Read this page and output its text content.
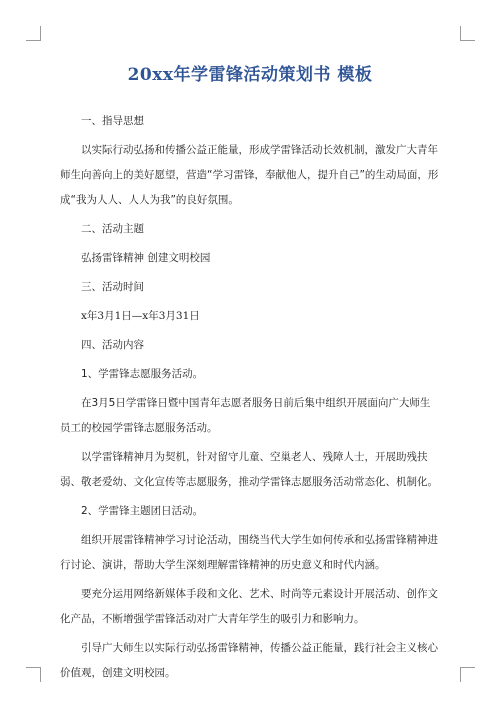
20xx年学雷锋活动策划书 模板

一、指导思想

以实际行动弘扬和传播公益正能量，形成学雷锋活动长效机制，激发广大青年师生向善向上的美好愿望，营造“学习雷锋，奉献他人，提升自己”的生动局面，形成“我为人人、人人为我”的良好氛围。

二、活动主题

弘扬雷锋精神 创建文明校园

三、活动时间

x年3月1日—x年3月31日

四、活动内容

1、学雷锋志愿服务活动。

在3月5日学雷锋日暨中国青年志愿者服务日前后集中组织开展面向广大师生员工的校园学雷锋志愿服务活动。

以学雷锋精神月为契机，针对留守儿童、空巢老人、残障人士，开展助残扶弱、敬老爱幼、文化宣传等志愿服务，推动学雷锋志愿服务活动常态化、机制化。

2、学雷锋主题团日活动。

组织开展雷锋精神学习讨论活动，围绕当代大学生如何传承和弘扬雷锋精神进行讨论、演讲，帮助大学生深刻理解雷锋精神的历史意义和时代内涵。

要充分运用网络新媒体手段和文化、艺术、时尚等元素设计开展活动、创作文化产品，不断增强学雷锋活动对广大青年学生的吸引力和影响力。

引导广大师生以实际行动弘扬雷锋精神，传播公益正能量，践行社会主义核心价值观，创建文明校园。
